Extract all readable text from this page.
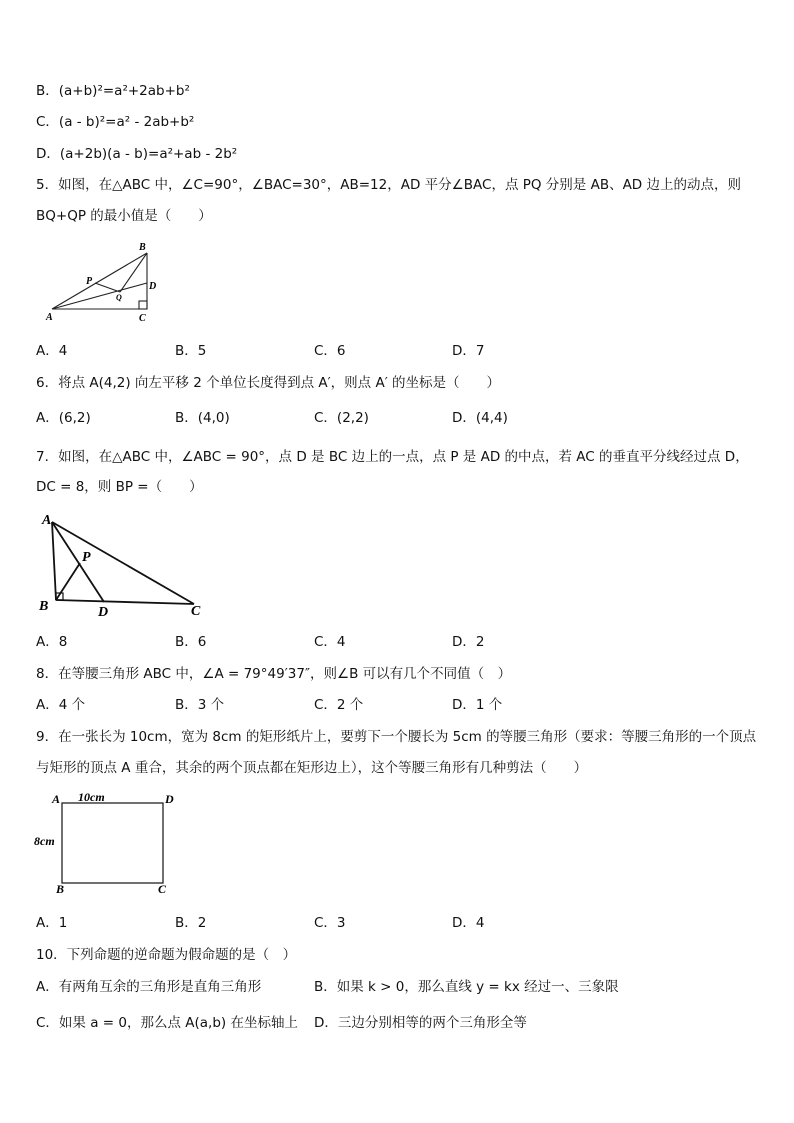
B．(a+b)²=a²+2ab+b²
C．(a - b)²=a² - 2ab+b²
D．(a+2b)(a - b)=a²+ab - 2b²
5．如图，在△ABC 中，∠C=90°，∠BAC=30°，AB=12，AD 平分∠BAC，点 PQ 分别是 AB、AD 边上的动点，则
BQ+QP 的最小值是（　　）
B
A	C
D
P
Q
A．4	B．5	C．6	D．7
6．将点 A(4,2) 向左平移 2 个单位长度得到点 A′，则点 A′ 的坐标是（　　）
A．(6,2)	B．(4,0)	C．(2,2)	D．(4,4)
7．如图，在△ABC 中，∠ABC = 90°，点 D 是 BC 边上的一点，点 P 是 AD 的中点，若 AC 的垂直平分线经过点 D，
DC = 8，则 BP =（　　）
A
B	C
D
P
A．8	B．6	C．4	D．2
8．在等腰三角形 ABC 中，∠A = 79°49′37″，则∠B 可以有几个不同值（　）
A．4 个	B．3 个	C．2 个	D．1 个
9．在一张长为 10cm，宽为 8cm 的矩形纸片上，要剪下一个腰长为 5cm 的等腰三角形（要求：等腰三角形的一个顶点
与矩形的顶点 A 重合，其余的两个顶点都在矩形边上），这个等腰三角形有几种剪法（　　）
A	D
B	C
10cm
8cm
A．1	B．2	C．3	D．4
10．下列命题的逆命题为假命题的是（　）
A．有两角互余的三角形是直角三角形	B．如果 k > 0，那么直线 y = kx 经过一、三象限
C．如果 a = 0，那么点 A(a,b) 在坐标轴上 D．三边分别相等的两个三角形全等
